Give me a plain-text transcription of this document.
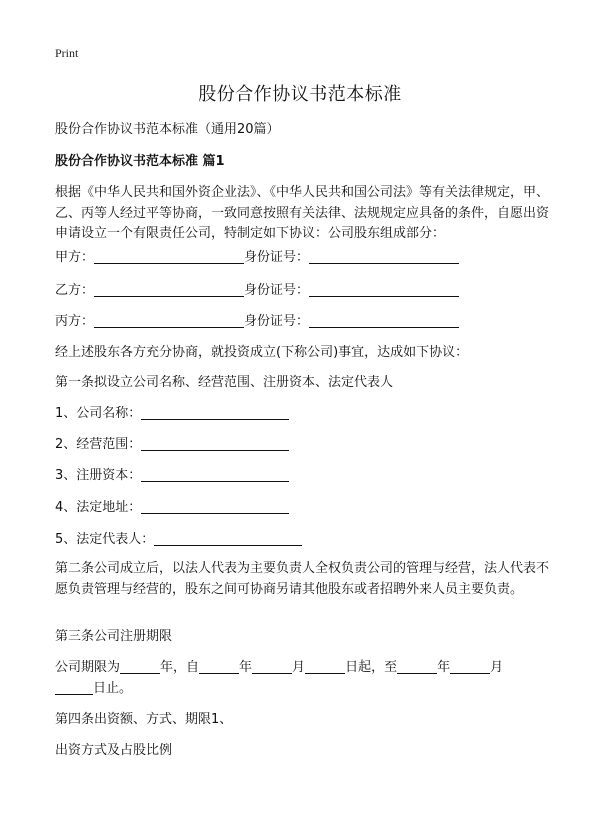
Print
股份合作协议书范本标准
股份合作协议书范本标准（通用20篇）
股份合作协议书范本标准 篇1
根据《中华人民共和国外资企业法》、《中华人民共和国公司法》等有关法律规定，甲、乙、丙等人经过平等协商，一致同意按照有关法律、法规规定应具备的条件，自愿出资申请设立一个有限责任公司，特制定如下协议：公司股东组成部分：
甲方：	身份证号：
乙方：	身份证号：
丙方：	身份证号：
经上述股东各方充分协商，就投资成立(下称公司)事宜，达成如下协议：
第一条拟设立公司名称、经营范围、注册资本、法定代表人
1、公司名称：
2、经营范围：
3、注册资本：
4、法定地址：
5、法定代表人：
第二条公司成立后，以法人代表为主要负责人全权负责公司的管理与经营，法人代表不愿负责管理与经营的，股东之间可协商另请其他股东或者招聘外来人员主要负责。
第三条公司注册期限
公司期限为	年，自	年	月	日起，至	年	月
日止。
第四条出资额、方式、期限1、
出资方式及占股比例
